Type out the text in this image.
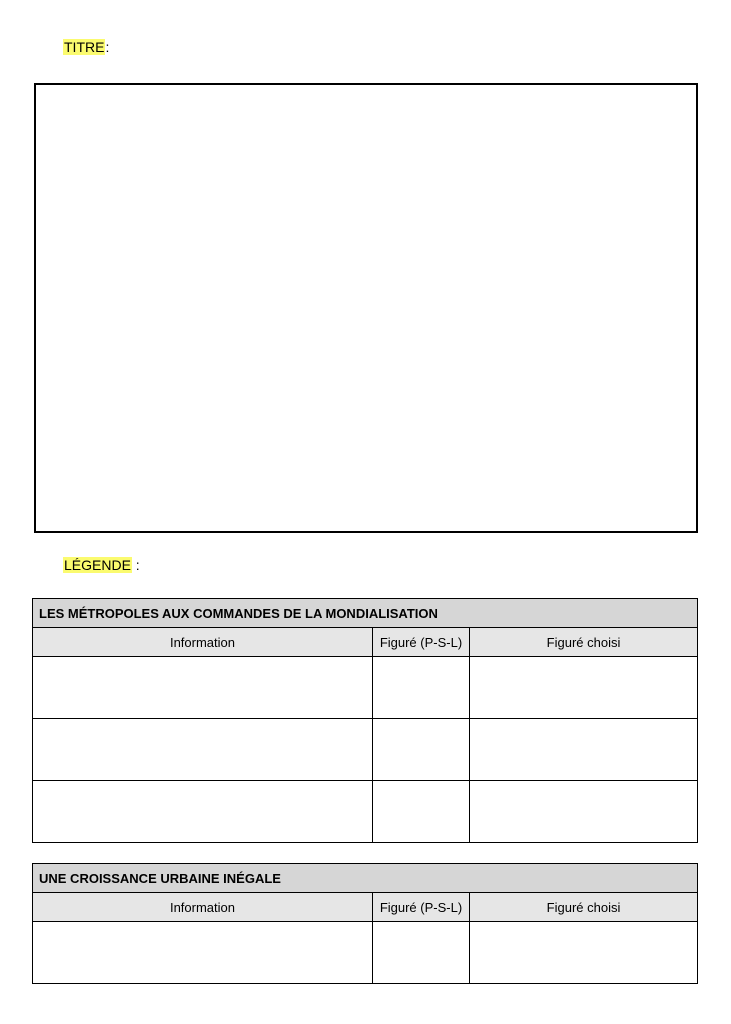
TITRE:
LÉGENDE :
LES MÉTROPOLES AUX COMMANDES DE LA MONDIALISATION		
Information	Figuré (P-S-L)	Figuré choisi

UNE CROISSANCE URBAINE INÉGALE		
Information	Figuré (P-S-L)	Figuré choisi
